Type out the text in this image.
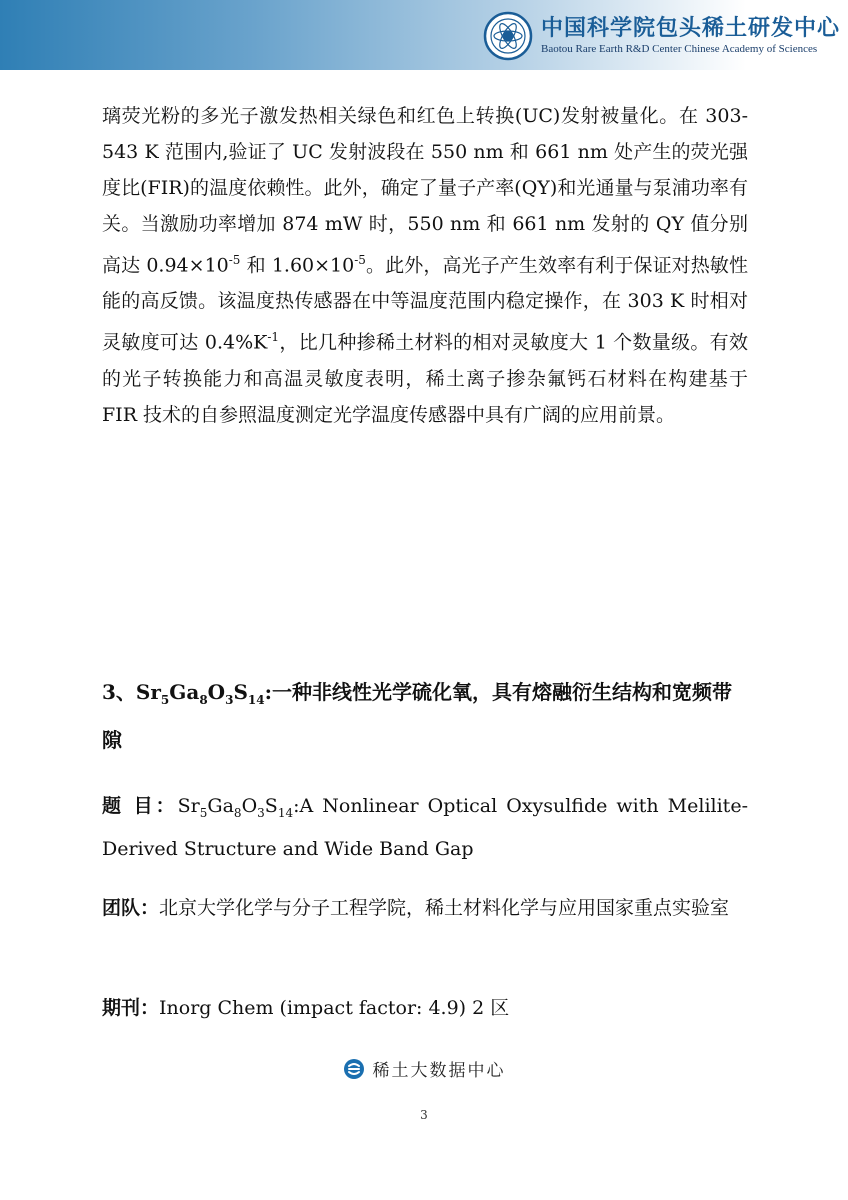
中国科学院包头稀土研发中心
Baotou Rare Earth R&D Center Chinese Academy of Sciences

璃荧光粉的多光子激发热相关绿色和红色上转换(UC)发射被量化。在 303-543 K 范围内,验证了 UC 发射波段在 550 nm 和 661 nm 处产生的荧光强度比(FIR)的温度依赖性。此外，确定了量子产率(QY)和光通量与泵浦功率有关。当激励功率增加 874 mW 时，550 nm 和 661 nm 发射的 QY 值分别高达 $0.94\times 10^{-5}$ 和 $1.60\times 10^{-5}$。此外，高光子产生效率有利于保证对热敏性能的高反馈。该温度热传感器在中等温度范围内稳定操作，在 303 K 时相对灵敏度可达 $0.4\%K^{-1}$，比几种掺稀土材料的相对灵敏度大 1 个数量级。有效的光子转换能力和高温灵敏度表明，稀土离子掺杂氟钙石材料在构建基于 FIR 技术的自参照温度测定光学温度传感器中具有广阔的应用前景。

3、$Sr_5Ga_8O_3S_{14}$:一种非线性光学硫化氧，具有熔融衍生结构和宽频带隙

题 目：$Sr_5Ga_8O_3S_{14}:A$ Nonlinear Optical Oxysulfide with Melilite-Derived Structure and Wide Band Gap

团队：北京大学化学与分子工程学院，稀土材料化学与应用国家重点实验室

期刊：Inorg Chem (impact factor: 4.9) 2 区

稀土大数据中心
3
